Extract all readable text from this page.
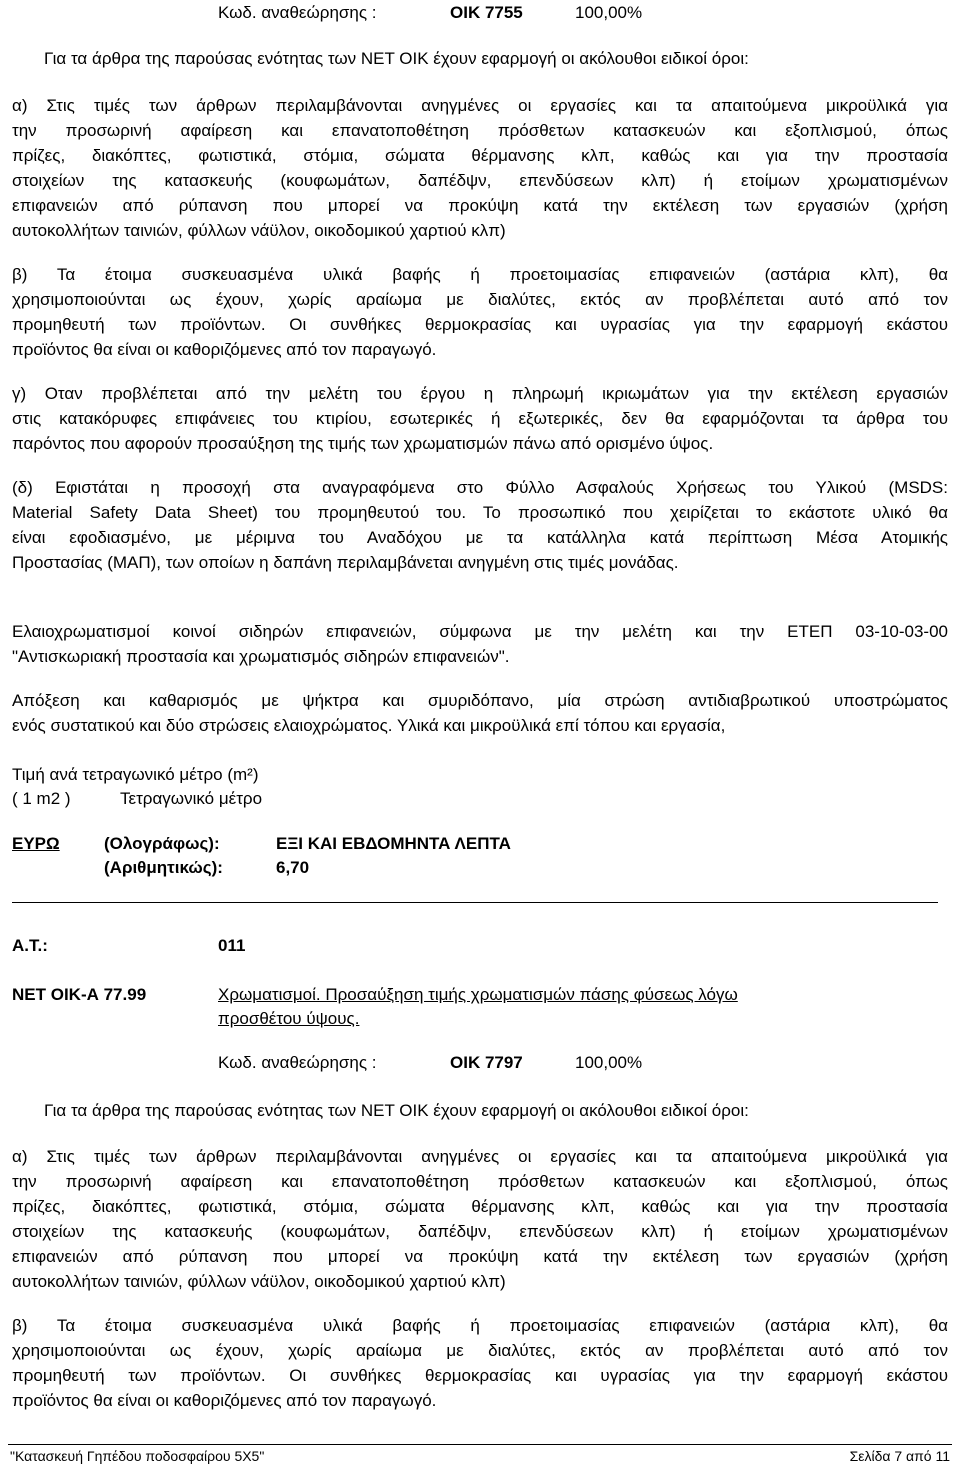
Κωδ. αναθεώρησης :	ΟΙΚ 7755	100,00%
Για τα άρθρα της παρούσας ενότητας των ΝΕΤ ΟΙΚ έχουν εφαρμογή οι ακόλουθοι ειδικοί όροι:
α) Στις τιμές των άρθρων περιλαμβάνονται ανηγμένες οι εργασίες και τα απαιτούμενα μικροϋλικά για
την προσωρινή αφαίρεση και επανατοποθέτηση πρόσθετων κατασκευών και εξοπλισμού, όπως
πρίζες, διακόπτες, φωτιστικά, στόμια, σώματα θέρμανσης κλπ, καθώς και για την προστασία
στοιχείων της κατασκευής (κουφωμάτων, δαπέδψν, επενδύσεων κλπ) ή ετοίμων χρωματισμένων
επιφανειών από ρύπανση που μπορεί να προκύψη κατά την εκτέλεση των εργασιών (χρήση
αυτοκολλήτων ταινιών, φύλλων νάϋλον, οικοδομικού χαρτιού κλπ)
β) Τα έτοιμα συσκευασμένα υλικά βαφής ή προετοιμασίας επιφανειών (αστάρια κλπ), θα
χρησιμοποιούνται ως έχουν, χωρίς αραίωμα με διαλύτες, εκτός αν προβλέπεται αυτό από τον
προμηθευτή των προϊόντων. Οι συνθήκες θερμοκρασίας και υγρασίας για την εφαρμογή εκάστου
προϊόντος θα είναι οι καθοριζόμενες από τον παραγωγό.
γ) Οταν προβλέπεται από την μελέτη του έργου η πληρωμή ικριωμάτων για την εκτέλεση εργασιών
στις κατακόρυφες επιφάνειες του κτιρίου, εσωτερικές ή εξωτερικές, δεν θα εφαρμόζονται τα άρθρα του
παρόντος που αφορούν προσαύξηση της τιμής των χρωματισμών πάνω από ορισμένο ύψος.
(δ) Εφιστάται η προσοχή στα αναγραφόμενα στο Φύλλο Ασφαλούς Χρήσεως του Υλικού (MSDS:
Material Safety Data Sheet) του προμηθευτού του. Το προσωπικό που χειρίζεται το εκάστοτε υλικό θα
είναι εφοδιασμένο, με μέριμνα του Αναδόχου με τα κατάλληλα κατά περίπτωση Μέσα Ατομικής
Προστασίας (ΜΑΠ), των οποίων η δαπάνη περιλαμβάνεται ανηγμένη στις τιμές μονάδας.
Ελαιοχρωματισμοί κοινοί σιδηρών επιφανειών, σύμφωνα με την μελέτη και την ΕΤΕΠ 03-10-03-00
"Αντισκωριακή προστασία και χρωματισμός σιδηρών επιφανειών".
Απόξεση και καθαρισμός με ψήκτρα και σμυριδόπανο, μία στρώση αντιδιαβρωτικού υποστρώματος
ενός συστατικού και δύο στρώσεις ελαιοχρώματος. Υλικά και μικροϋλικά επί τόπου και εργασία,
Τιμή ανά τετραγωνικό μέτρο (m²)
( 1 m2 )	Τετραγωνικό μέτρο
ΕΥΡΩ	(Ολογράφως):	ΕΞΙ ΚΑΙ ΕΒΔΟΜΗΝΤΑ ΛΕΠΤΑ
(Αριθμητικώς):	6,70
Α.Τ.:	011
ΝΕΤ ΟΙΚ-Α 77.99	Χρωματισμοί. Προσαύξηση τιμής χρωματισμών πάσης φύσεως λόγω
προσθέτου ύψους.
Κωδ. αναθεώρησης :	ΟΙΚ 7797	100,00%
Για τα άρθρα της παρούσας ενότητας των ΝΕΤ ΟΙΚ έχουν εφαρμογή οι ακόλουθοι ειδικοί όροι:
α) Στις τιμές των άρθρων περιλαμβάνονται ανηγμένες οι εργασίες και τα απαιτούμενα μικροϋλικά για
την προσωρινή αφαίρεση και επανατοποθέτηση πρόσθετων κατασκευών και εξοπλισμού, όπως
πρίζες, διακόπτες, φωτιστικά, στόμια, σώματα θέρμανσης κλπ, καθώς και για την προστασία
στοιχείων της κατασκευής (κουφωμάτων, δαπέδψν, επενδύσεων κλπ) ή ετοίμων χρωματισμένων
επιφανειών από ρύπανση που μπορεί να προκύψη κατά την εκτέλεση των εργασιών (χρήση
αυτοκολλήτων ταινιών, φύλλων νάϋλον, οικοδομικού χαρτιού κλπ)
β) Τα έτοιμα συσκευασμένα υλικά βαφής ή προετοιμασίας επιφανειών (αστάρια κλπ), θα
χρησιμοποιούνται ως έχουν, χωρίς αραίωμα με διαλύτες, εκτός αν προβλέπεται αυτό από τον
προμηθευτή των προϊόντων. Οι συνθήκες θερμοκρασίας και υγρασίας για την εφαρμογή εκάστου
προϊόντος θα είναι οι καθοριζόμενες από τον παραγωγό.
"Κατασκευή Γηπέδου ποδοσφαίρου 5Χ5"	Σελίδα 7 από 11
